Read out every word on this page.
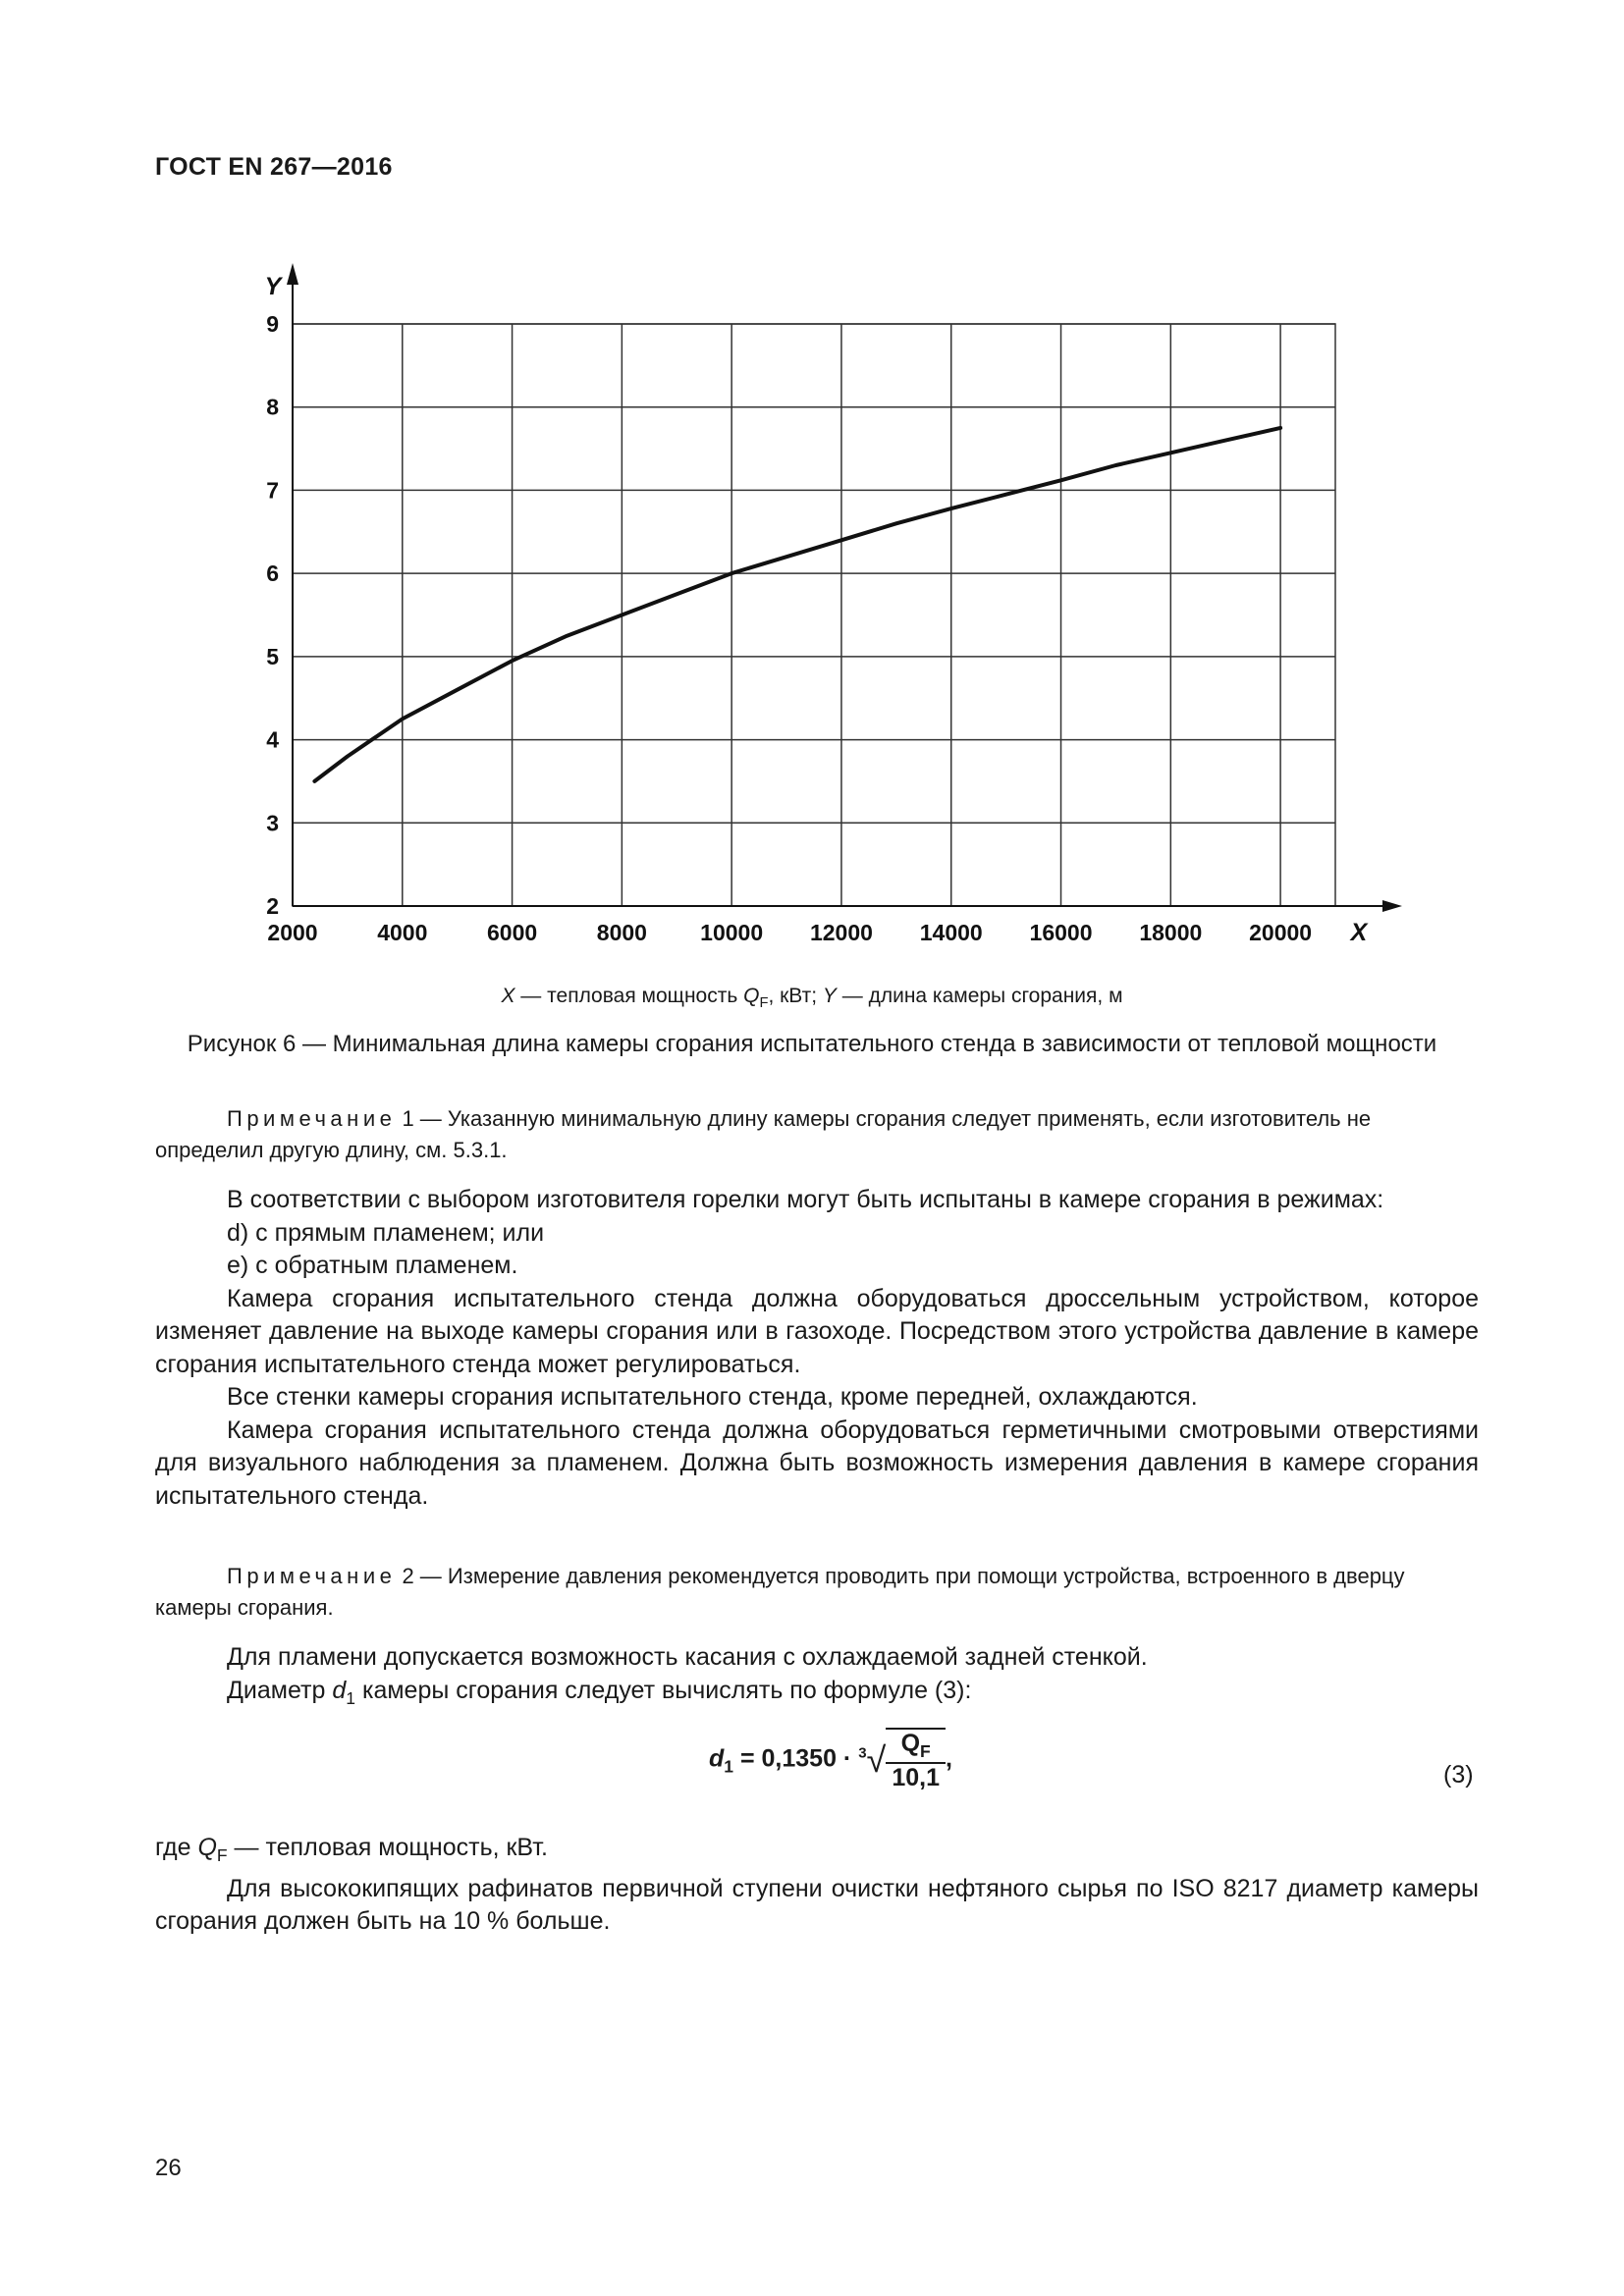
ГОСТ EN 267—2016
2000	4000	6000	8000 10000 12000 14000 16000 18000 20000
2
3
4
5
6
7
8
9
X
Y
X — тепловая мощность $Q_F$, кВт; Y — длина камеры сгорания, м
Рисунок 6 — Минимальная длина камеры сгорания испытательного стенда в зависимости от тепловой мощности

Примечание 1 — Указанную минимальную длину камеры сгорания следует применять, если изготовитель не определил другую длину, см. 5.3.1.

В соответствии с выбором изготовителя горелки могут быть испытаны в камере сгорания в режимах:

d) с прямым пламенем; или

e) с обратным пламенем.

Камера сгорания испытательного стенда должна оборудоваться дроссельным устройством, которое изменяет давление на выходе камеры сгорания или в газоходе. Посредством этого устройства давление в камере сгорания испытательного стенда может регулироваться.

Все стенки камеры сгорания испытательного стенда, кроме передней, охлаждаются.

Камера сгорания испытательного стенда должна оборудоваться герметичными смотровыми отверстиями для визуального наблюдения за пламенем. Должна быть возможность измерения давления в камере сгорания испытательного стенда.

Примечание 2 — Измерение давления рекомендуется проводить при помощи устройства, встроенного в дверцу камеры сгорания.

Для пламени допускается возможность касания с охлаждаемой задней стенкой.

Диаметр $d_1$ камеры сгорания следует вычислять по формуле (3):

$d_1 = 0,1350 \cdot ^3√ \frac{Q_F}{10,1}$ ,
(3)

где $Q_F$ — тепловая мощность, кВт.

Для высококипящих рафинатов первичной ступени очистки нефтяного сырья по ISO 8217 диаметр камеры сгорания должен быть на 10 % больше.

26
